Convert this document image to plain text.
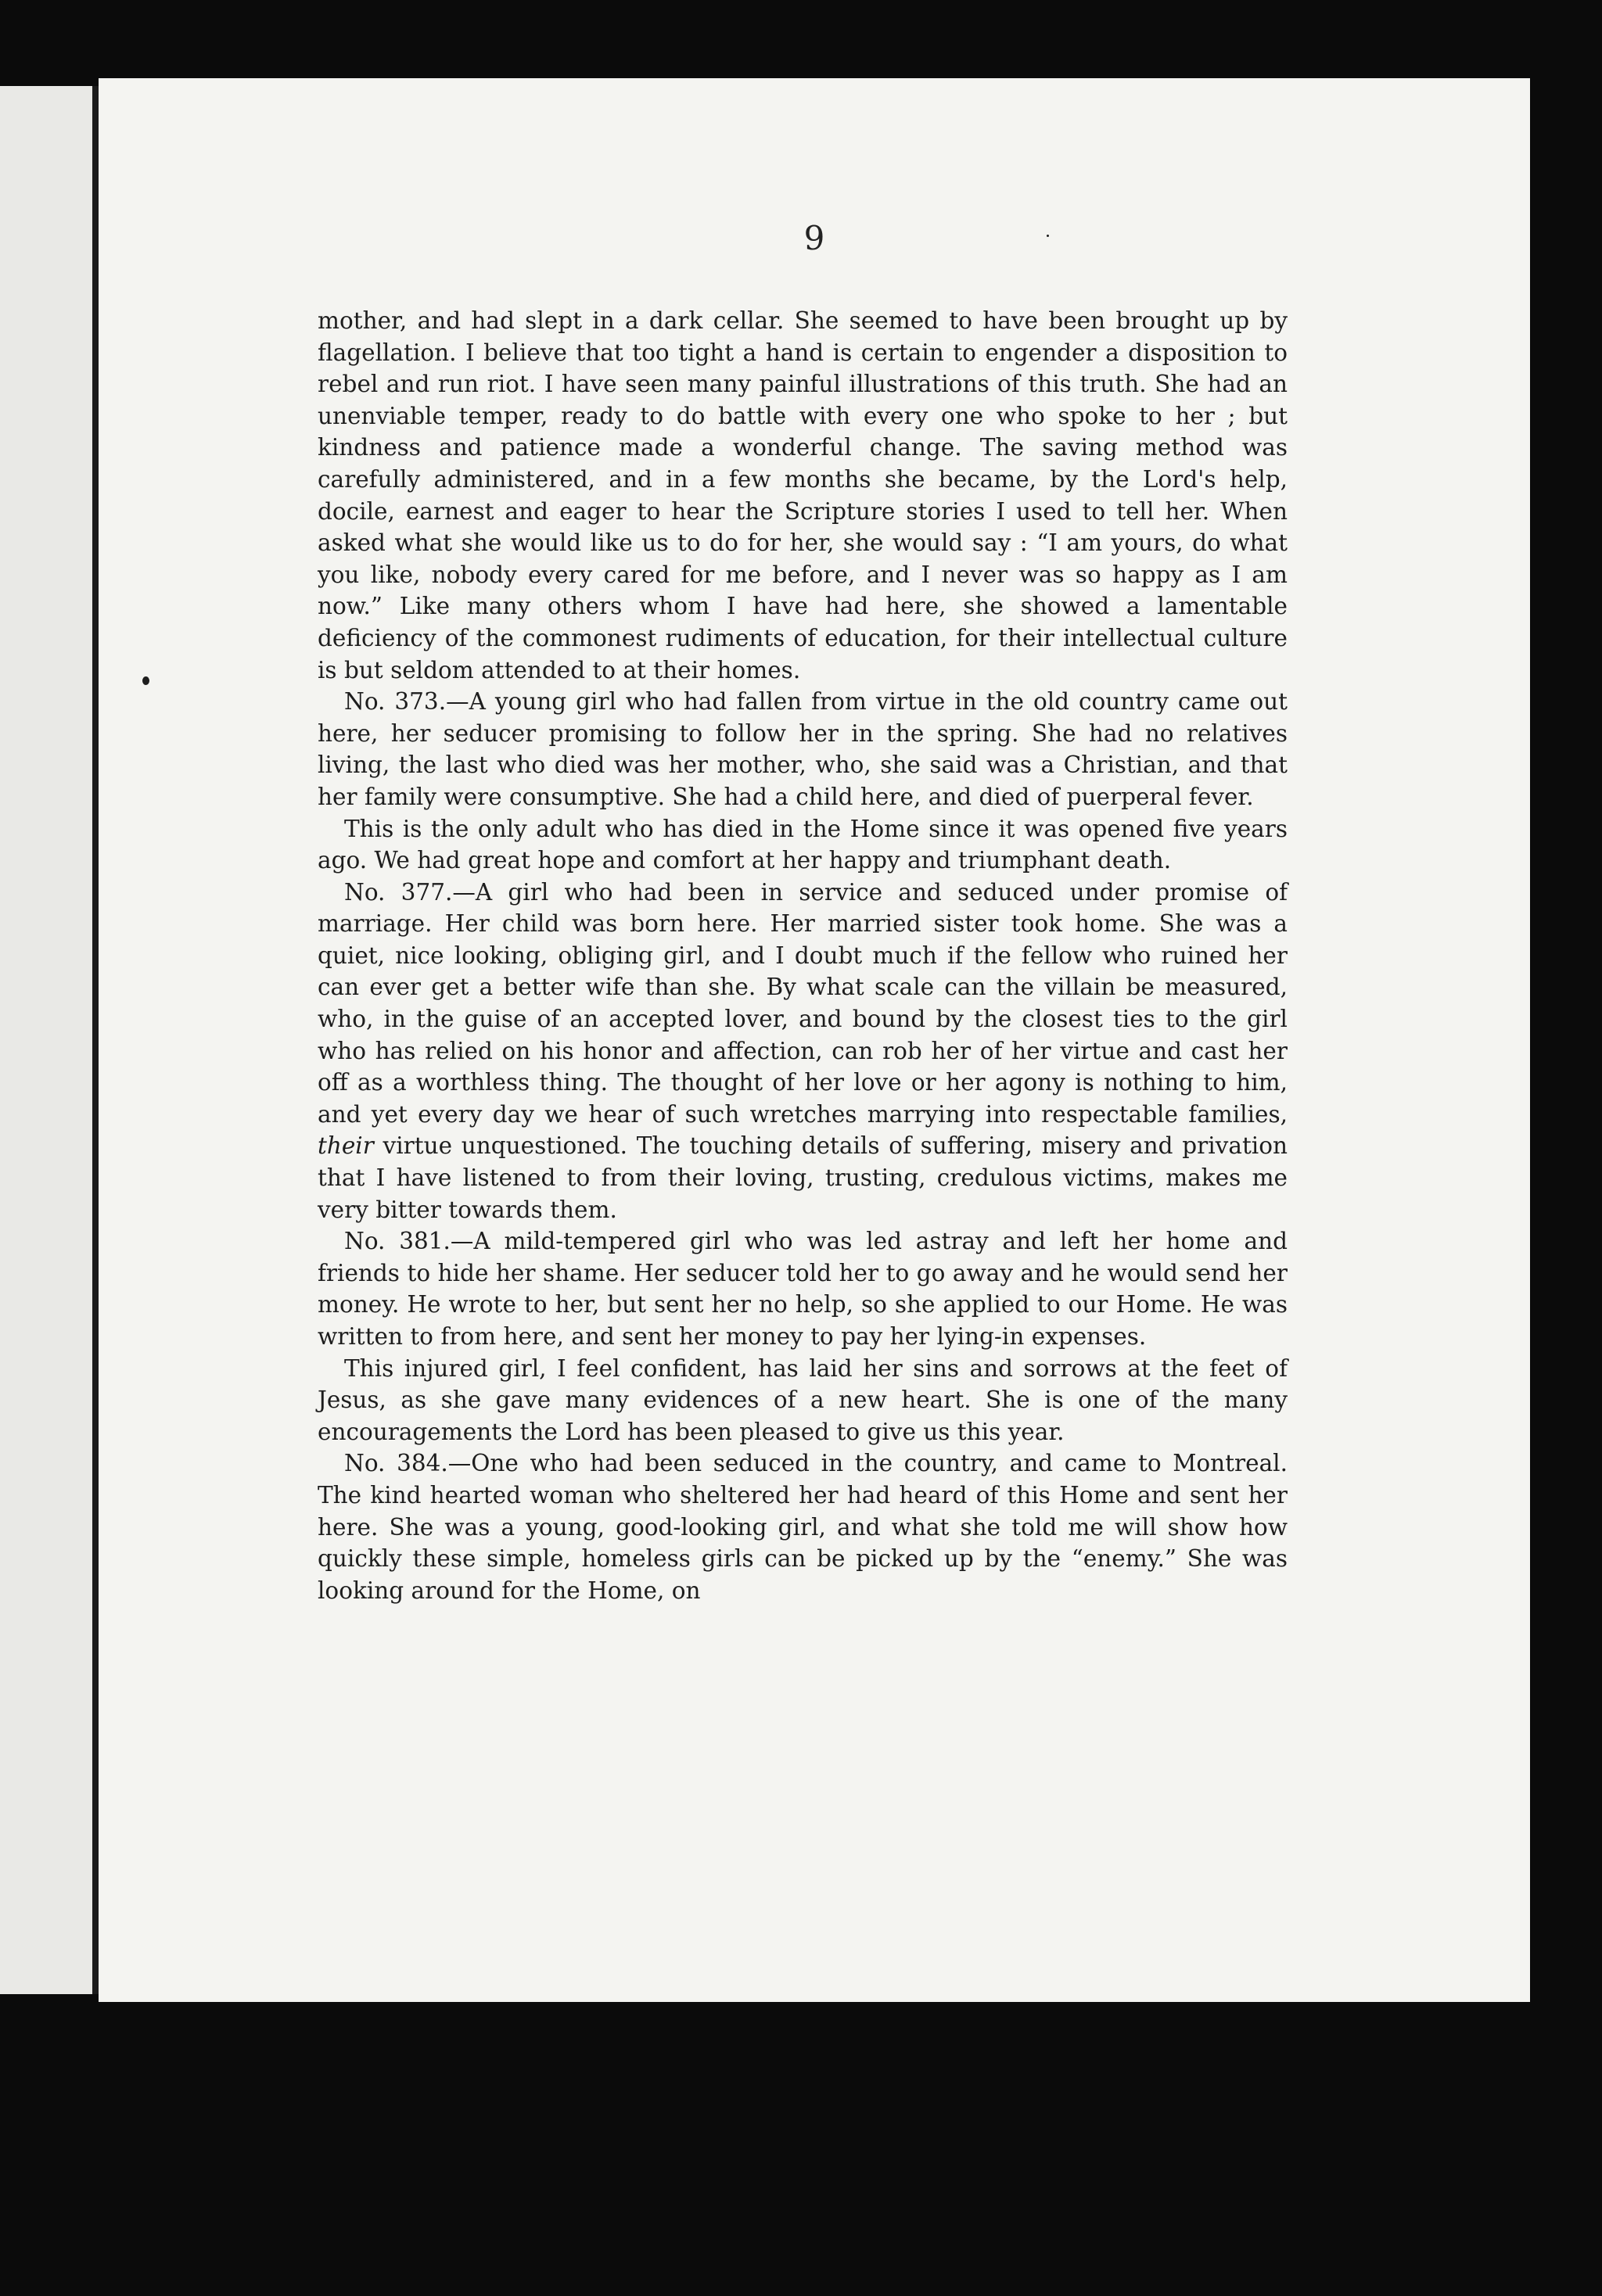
9

mother, and had slept in a dark cellar. She seemed to have been brought up by flagellation. I believe that too tight a hand is certain to engender a disposition to rebel and run riot. I have seen many painful illustrations of this truth. She had an unenviable temper, ready to do battle with every one who spoke to her ; but kindness and patience made a wonderful change. The saving method was carefully administered, and in a few months she became, by the Lord's help, docile, earnest and eager to hear the Scripture stories I used to tell her. When asked what she would like us to do for her, she would say : “I am yours, do what you like, nobody every cared for me before, and I never was so happy as I am now.” Like many others whom I have had here, she showed a lamentable deficiency of the commonest rudiments of education, for their intellectual culture is but seldom attended to at their homes.

No. 373.—A young girl who had fallen from virtue in the old country came out here, her seducer promising to follow her in the spring. She had no relatives living, the last who died was her mother, who, she said was a Christian, and that her family were consumptive. She had a child here, and died of puerperal fever.

This is the only adult who has died in the Home since it was opened five years ago. We had great hope and comfort at her happy and triumphant death.

No. 377.—A girl who had been in service and seduced under promise of marriage. Her child was born here. Her married sister took home. She was a quiet, nice looking, obliging girl, and I doubt much if the fellow who ruined her can ever get a better wife than she. By what scale can the villain be measured, who, in the guise of an accepted lover, and bound by the closest ties to the girl who has relied on his honor and affection, can rob her of her virtue and cast her off as a worthless thing. The thought of her love or her agony is nothing to him, and yet every day we hear of such wretches marrying into respectable families, their virtue unquestioned. The touching details of suffering, misery and privation that I have listened to from their loving, trusting, credulous victims, makes me very bitter towards them.

No. 381.—A mild-tempered girl who was led astray and left her home and friends to hide her shame. Her seducer told her to go away and he would send her money. He wrote to her, but sent her no help, so she applied to our Home. He was written to from here, and sent her money to pay her lying-in expenses.

This injured girl, I feel confident, has laid her sins and sorrows at the feet of Jesus, as she gave many evidences of a new heart. She is one of the many encouragements the Lord has been pleased to give us this year.

No. 384.—One who had been seduced in the country, and came to Montreal. The kind hearted woman who sheltered her had heard of this Home and sent her here. She was a young, good-looking girl, and what she told me will show how quickly these simple, homeless girls can be picked up by the “enemy.” She was looking around for the Home, on
